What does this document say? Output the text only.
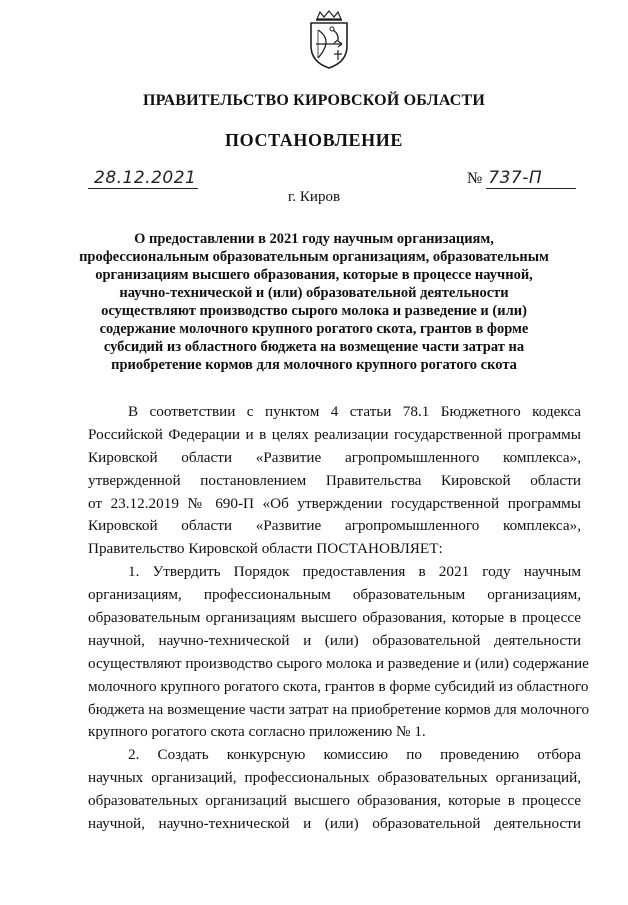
ПРАВИТЕЛЬСТВО КИРОВСКОЙ ОБЛАСТИ
ПОСТАНОВЛЕНИЕ
28.12.2021	№ 737-П
г. Киров
О предоставлении в 2021 году научным организациям,
профессиональным образовательным организациям, образовательным
организациям высшего образования, которые в процессе научной,
научно-технической и (или) образовательной деятельности
осуществляют производство сырого молока и разведение и (или)
содержание молочного крупного рогатого скота, грантов в форме
субсидий из областного бюджета на возмещение части затрат на
приобретение кормов для молочного крупного рогатого скота
В соответствии с пунктом 4 статьи 78.1 Бюджетного кодекса
Российской Федерации и в целях реализации государственной программы
Кировской области «Развитие агропромышленного комплекса»,
утвержденной постановлением Правительства Кировской области
от 23.12.2019 № 690-П «Об утверждении государственной программы
Кировской области «Развитие агропромышленного комплекса»,
Правительство Кировской области ПОСТАНОВЛЯЕТ:
1. Утвердить Порядок предоставления в 2021 году научным
организациям, профессиональным образовательным организациям,
образовательным организациям высшего образования, которые в процессе
научной, научно-технической и (или) образовательной деятельности
осуществляют производство сырого молока и разведение и (или) содержание
молочного крупного рогатого скота, грантов в форме субсидий из областного
бюджета на возмещение части затрат на приобретение кормов для молочного
крупного рогатого скота согласно приложению № 1.
2. Создать конкурсную комиссию по проведению отбора
научных организаций, профессиональных образовательных организаций,
образовательных организаций высшего образования, которые в процессе
научной, научно-технической и (или) образовательной деятельности
